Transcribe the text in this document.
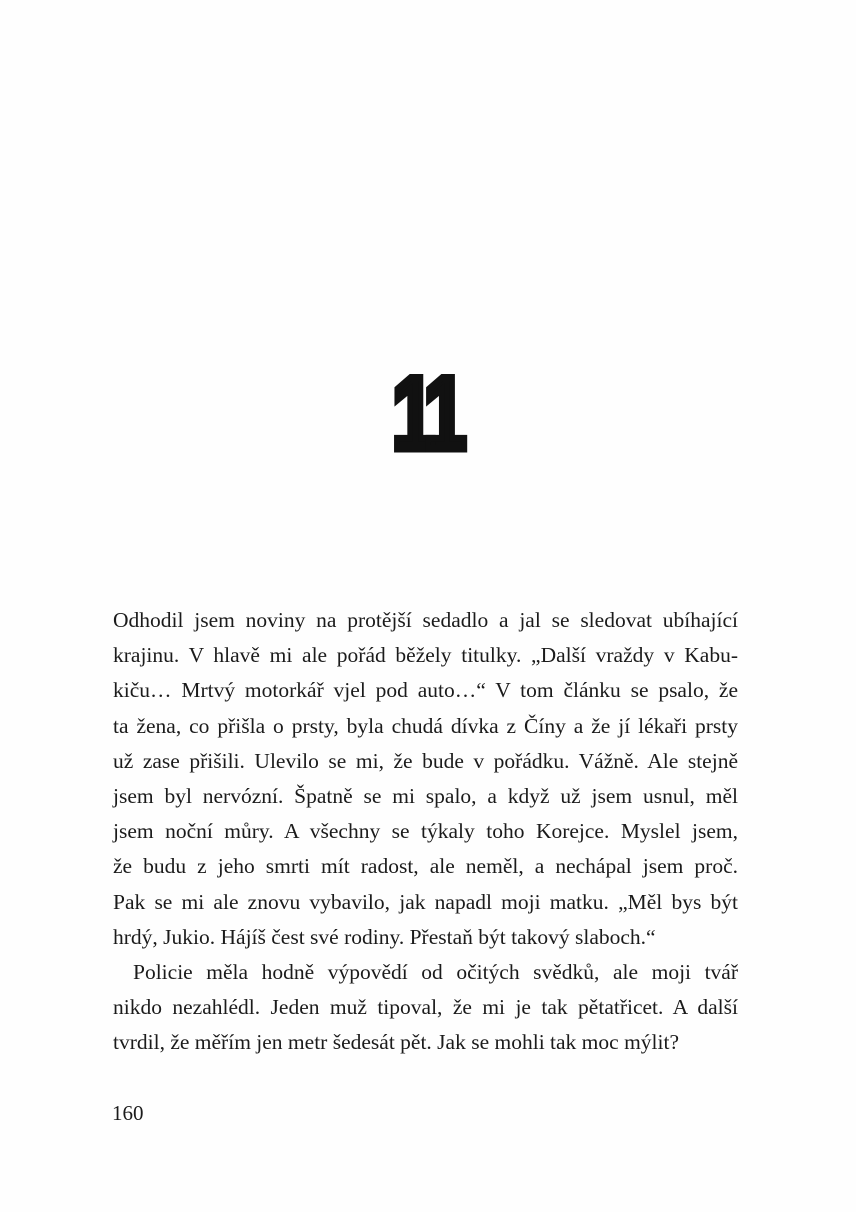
11
Odhodil jsem noviny na protější sedadlo a jal se sledovat ubíhající
krajinu. V hlavě mi ale pořád běžely titulky. „Další vraždy v Kabu-
kiču… Mrtvý motorkář vjel pod auto…“ V tom článku se psalo, že
ta žena, co přišla o prsty, byla chudá dívka z Číny a že jí lékaři prsty
už zase přišili. Ulevilo se mi, že bude v pořádku. Vážně. Ale stejně
jsem byl nervózní. Špatně se mi spalo, a když už jsem usnul, měl
jsem noční můry. A všechny se týkaly toho Korejce. Myslel jsem,
že budu z jeho smrti mít radost, ale neměl, a nechápal jsem proč.
Pak se mi ale znovu vybavilo, jak napadl moji matku. „Měl bys být
hrdý, Jukio. Hájíš čest své rodiny. Přestaň být takový slaboch.“
Policie měla hodně výpovědí od očitých svědků, ale moji tvář
nikdo nezahlédl. Jeden muž tipoval, že mi je tak pětatřicet. A další
tvrdil, že měřím jen metr šedesát pět. Jak se mohli tak moc mýlit?
160
